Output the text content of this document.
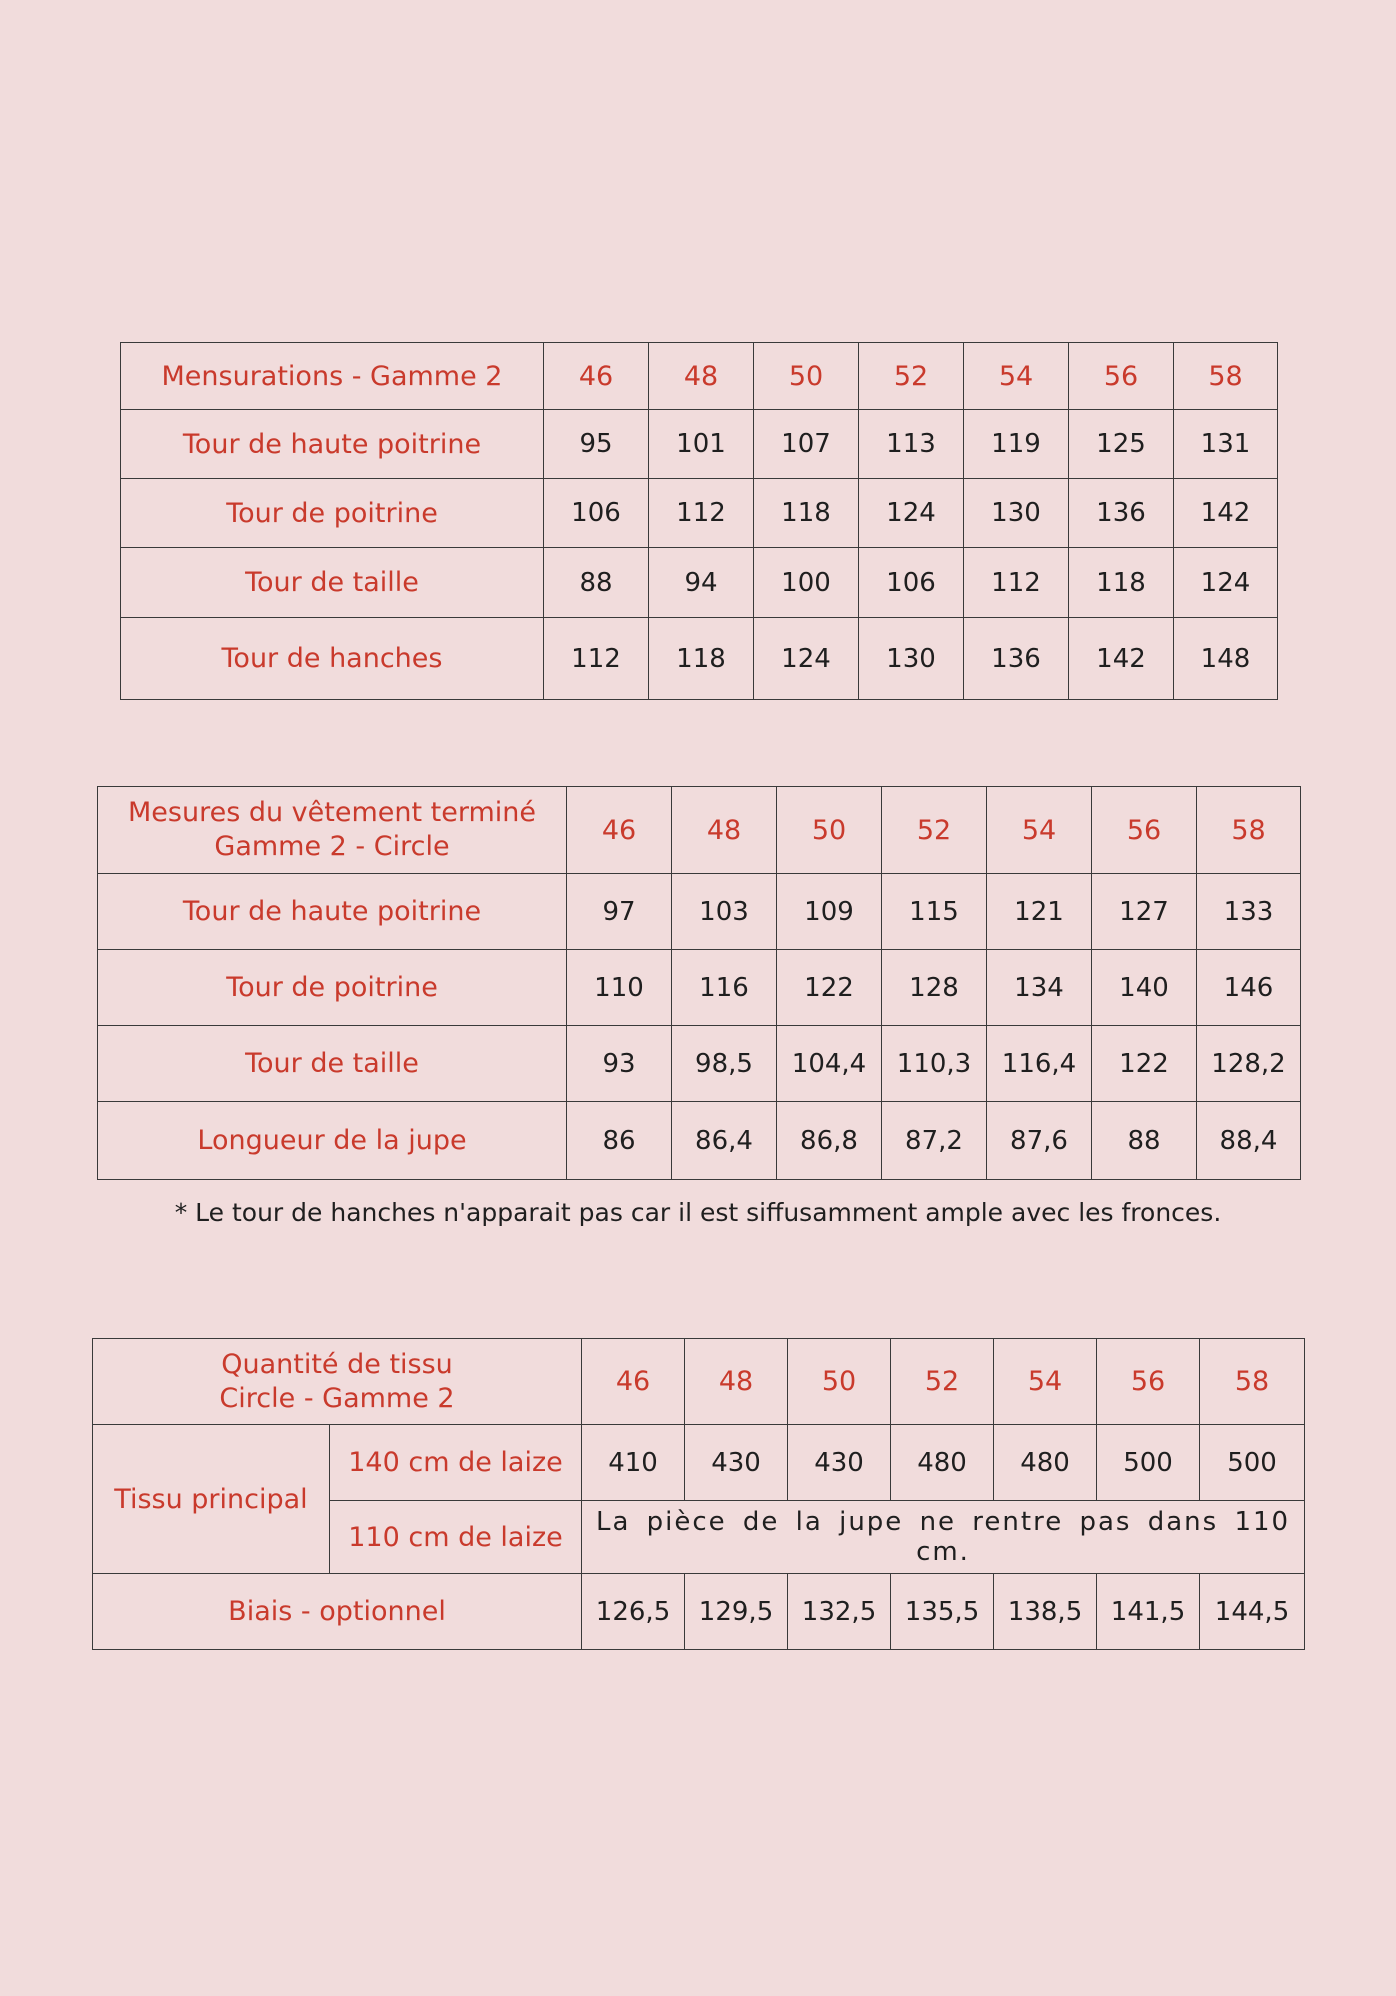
Mensurations - Gamme 2	46	48	50	52	54	56	58
Tour de haute poitrine	95	101	107	113	119	125	131
Tour de poitrine	106	112	118	124	130	136	142
Tour de taille	88	94	100	106	112	118	124
Tour de hanches	112	118	124	130	136	142	148
Mesures du vêtement terminé
Gamme 2 - Circle	46	48	50	52	54	56	58
Tour de haute poitrine	97	103	109	115	121	127	133
Tour de poitrine	110	116	122	128	134	140	146
Tour de taille	93	98,5	104,4	110,3	116,4	122	128,2
Longueur de la jupe	86	86,4	86,8	87,2	87,6	88	88,4

* Le tour de hanches n'apparait pas car il est siffusamment ample avec les fronces.

Quantité de tissu
Circle - Gamme 2		46	48	50	52	54	56	58
Tissu principal	140 cm de laize	410	430	430	480	480	500	500
	110 cm de laize	La pièce de la jupe ne rentre pas dans 110 cm.						
Biais - optionnel		126,5	129,5	132,5	135,5	138,5	141,5	144,5
